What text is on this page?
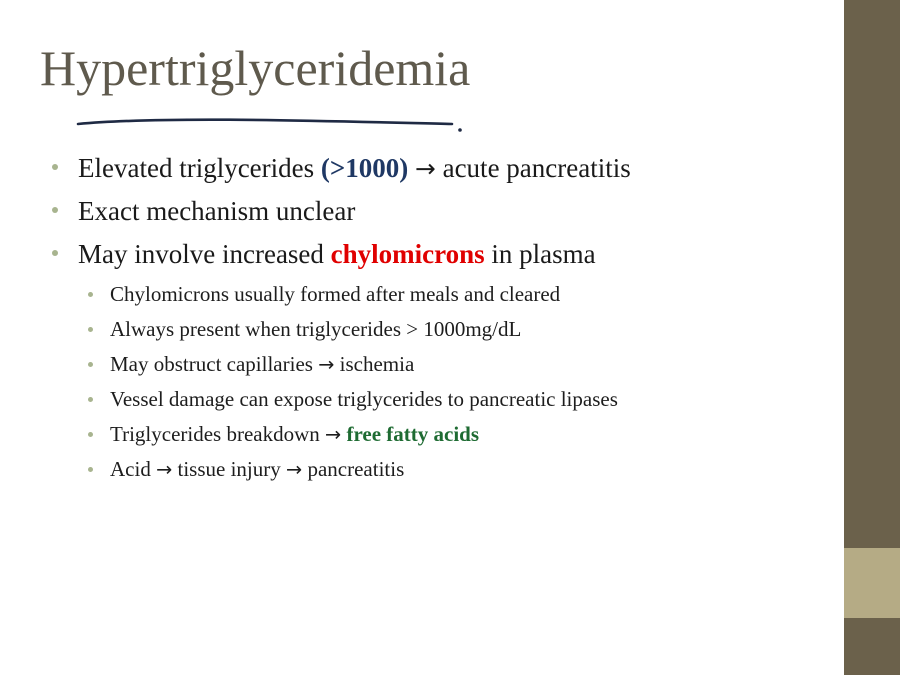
Hypertriglyceridemia
Elevated triglycerides (>1000) → acute pancreatitis
Exact mechanism unclear
May involve increased chylomicrons in plasma
Chylomicrons usually formed after meals and cleared
Always present when triglycerides > 1000mg/dL
May obstruct capillaries → ischemia
Vessel damage can expose triglycerides to pancreatic lipases
Triglycerides breakdown → free fatty acids
Acid → tissue injury → pancreatitis
